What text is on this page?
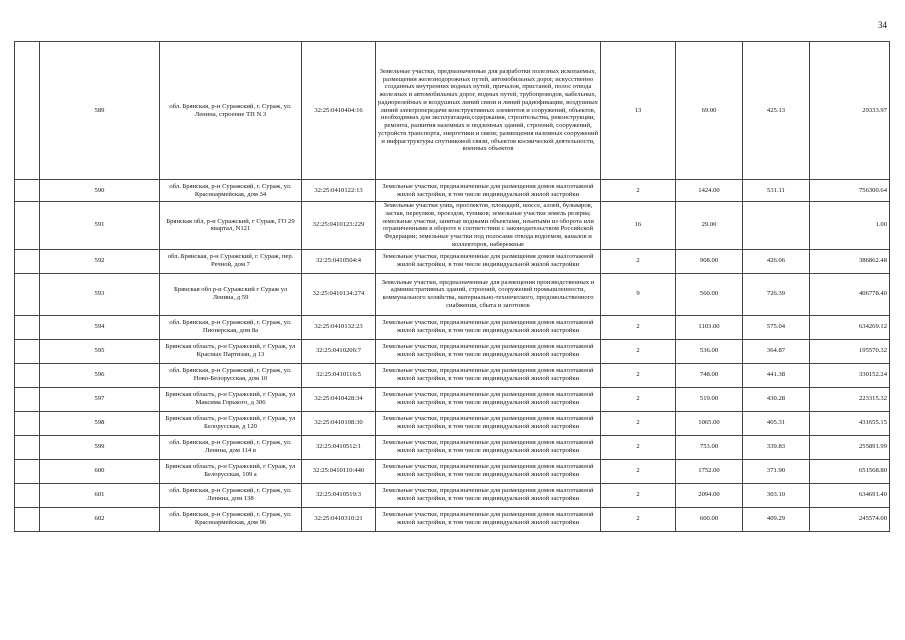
34
	589	обл. Брянская, р-н Суражский, г. Сураж, ул. Ленина, строение ТП N 3	32:25:0410404:16	Земельные участки, предназначенные для разработки полезных ископаемых, размещения железнодорожных путей, автомобильных дорог, искусственно созданных внутренних водных путей, причалов, пристаней, полос отвода железных и автомобильных дорог, водных путей, трубопроводов, кабельных, радиорелейных и воздушных линий связи и линий радиофикации, воздушных линий электропередачи конструктивных элементов и сооружений, объектов, необходимых для эксплуатации,содержания, строительства, реконструкции, ремонта, развития наземных и подземных зданий, строений, сооружений, устройств транспорта, энергетики и связи; размещения наземных сооружений и инфраструктуры спутниковой связи, объектов космической деятельности, военных объектов	13	69.00	425.13	29333.97
	590	обл. Брянская, р-н Суражский, г. Сураж, ул. Красноармейская, дом 34	32:25:0410122:13	Земельные участки, предназначенные для размещения домов малоэтажной жилой застройки, в том числе индивидуальной жилой застройки	2	1424.00	531.11	756300.64
	591	Брянская обл, р-н Суражский, г Сураж, ГО 29 квартал, N121	32:25:0410123:229	Земельные участки улиц, проспектов, площадей, шоссе, аллей, бульваров, застав, переулков, проездов, тупиков; земельные участки земель резерва; земельные участки, занятые водными объектами, изъятыми из оборота или ограниченными в обороте в соответствии с законодательством Российской Федерации; земельные участки под полосами отвода водоемов, каналов и коллекторов, набережные	16	29.00		1.00
	592	обл. Брянская, р-н Суражский, г. Сураж, пер. Речной, дом 7	32:25:0410504:4	Земельные участки, предназначенные для размещения домов малоэтажной жилой застройки, в том числе индивидуальной жилой застройки	2	908.00	426.06	386862.48
	593	Брянская обл р-н Суражский г Сураж ул Ленина, д 59	32:25:0410134:274	Земельные участки, предназначенные для размещения производственных и административных зданий, строений, сооружений промышленности, коммунального хозяйства, материально-технического, продовольственного снабжения, сбыта и заготовок	9	560.00	726.39	406778.40
	594	обл. Брянская, р-н Суражский, г. Сураж, ул. Пионерская, дом 8а	32:25:0410132:23	Земельные участки, предназначенные для размещения домов малоэтажной жилой застройки, в том числе индивидуальной жилой застройки	2	1103.00	575.04	634269.12
	595	Брянская область, р-н Суражский, г Сураж, ул Красных Партизан, д 13	32:25:0410206:7	Земельные участки, предназначенные для размещения домов малоэтажной жилой застройки, в том числе индивидуальной жилой застройки	2	536.00	364.87	195570.32
	596	обл. Брянская, р-н Суражский, г. Сураж, ул. Ново-Белорусская, дом 10	32:25:0410116:5	Земельные участки, предназначенные для размещения домов малоэтажной жилой застройки, в том числе индивидуальной жилой застройки	2	748.00	441.38	330152.24
	597	Брянская область, р-н Суражский, г Сураж, ул Максима Горького, д 306	32:25:0410428:34	Земельные участки, предназначенные для размещения домов малоэтажной жилой застройки, в том числе индивидуальной жилой застройки	2	519.00	430.28	223315.32
	598	Брянская область, р-н Суражский, г Сураж, ул Белорусская, д 120	32:25:0410108:30	Земельные участки, предназначенные для размещения домов малоэтажной жилой застройки, в том числе индивидуальной жилой застройки	2	1065.00	405.31	431655.15
	599	обл. Брянская, р-н Суражский, г. Сураж, ул. Ленина, дом 114 в	32:25:0410512:1	Земельные участки, предназначенные для размещения домов малоэтажной жилой застройки, в том числе индивидуальной жилой застройки	2	753.00	339.83	255891.99
	600	Брянская область, р-н Суражский, г Сураж, ул Белорусская, 109 а	32:25:0410110:440	Земельные участки, предназначенные для размещения домов малоэтажной жилой застройки, в том числе индивидуальной жилой застройки	2	1752.00	371.90	651568.80
	601	обл. Брянская, р-н Суражский, г. Сураж, ул. Ленина, дом 138	32:25:0410519:3	Земельные участки, предназначенные для размещения домов малоэтажной жилой застройки, в том числе индивидуальной жилой застройки	2	2094.00	303.10	634691.40
	602	обл. Брянская, р-н Суражский, г. Сураж, ул. Красноармейская, дом 96	32:25:0410310:21	Земельные участки, предназначенные для размещения домов малоэтажной жилой застройки, в том числе индивидуальной жилой застройки	2	600.00	409.29	245574.00
